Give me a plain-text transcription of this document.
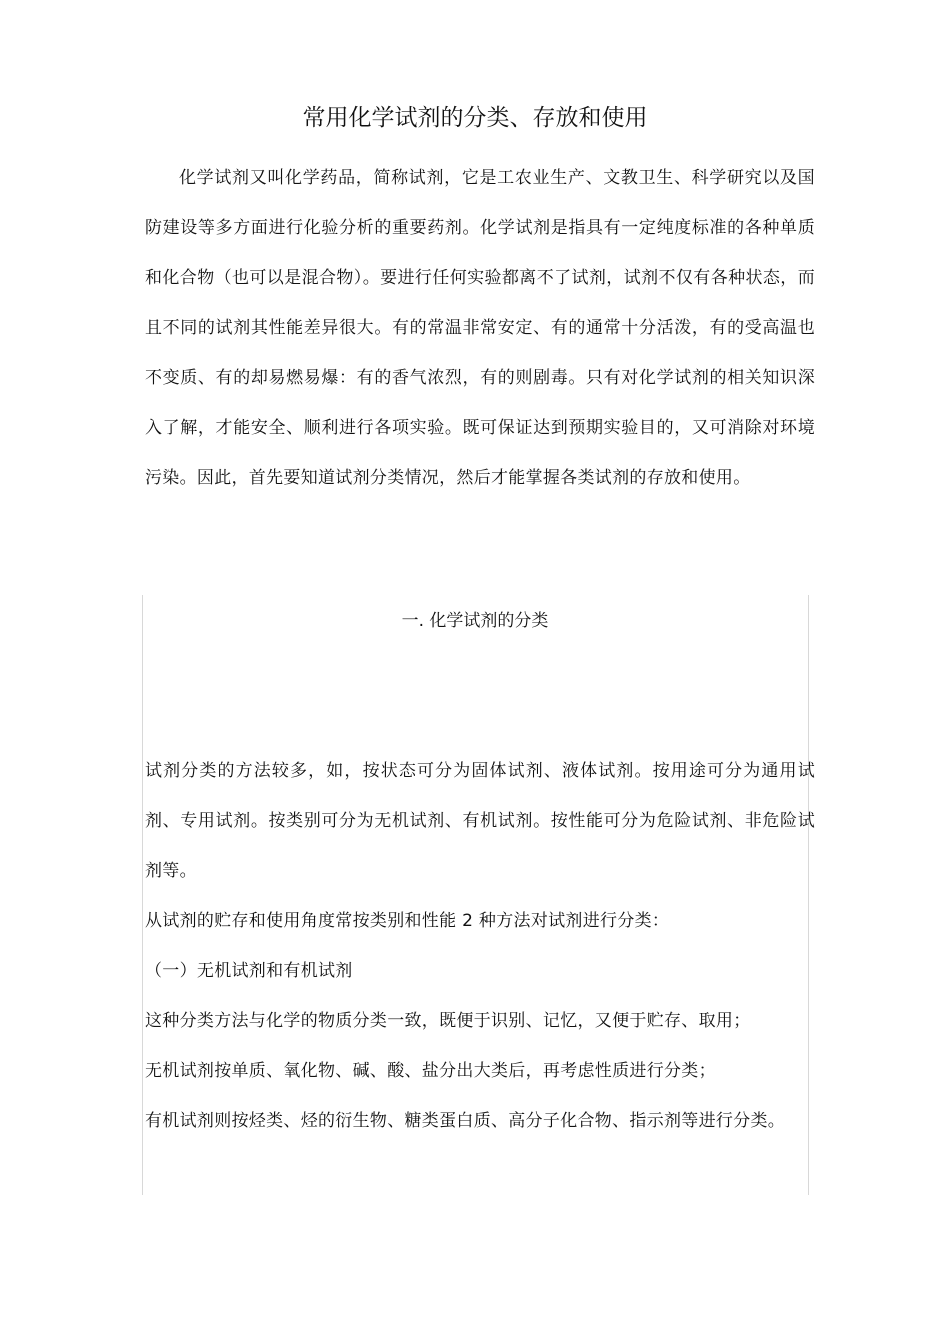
常用化学试剂的分类、存放和使用

化学试剂又叫化学药品，简称试剂，它是工农业生产、文教卫生、科学研究以及国防建设等多方面进行化验分析的重要药剂。化学试剂是指具有一定纯度标准的各种单质和化合物（也可以是混合物）。要进行任何实验都离不了试剂，试剂不仅有各种状态，而且不同的试剂其性能差异很大。有的常温非常安定、有的通常十分活泼，有的受高温也不变质、有的却易燃易爆：有的香气浓烈，有的则剧毒。只有对化学试剂的相关知识深入了解，才能安全、顺利进行各项实验。既可保证达到预期实验目的，又可消除对环境污染。因此，首先要知道试剂分类情况，然后才能掌握各类试剂的存放和使用。

一. 化学试剂的分类

试剂分类的方法较多，如，按状态可分为固体试剂、液体试剂。按用途可分为通用试剂、专用试剂。按类别可分为无机试剂、有机试剂。按性能可分为危险试剂、非危险试剂等。

从试剂的贮存和使用角度常按类别和性能 2 种方法对试剂进行分类：

（一）无机试剂和有机试剂

这种分类方法与化学的物质分类一致，既便于识别、记忆，又便于贮存、取用；

无机试剂按单质、氧化物、碱、酸、盐分出大类后，再考虑性质进行分类；

有机试剂则按烃类、烃的衍生物、糖类蛋白质、高分子化合物、指示剂等进行分类。
